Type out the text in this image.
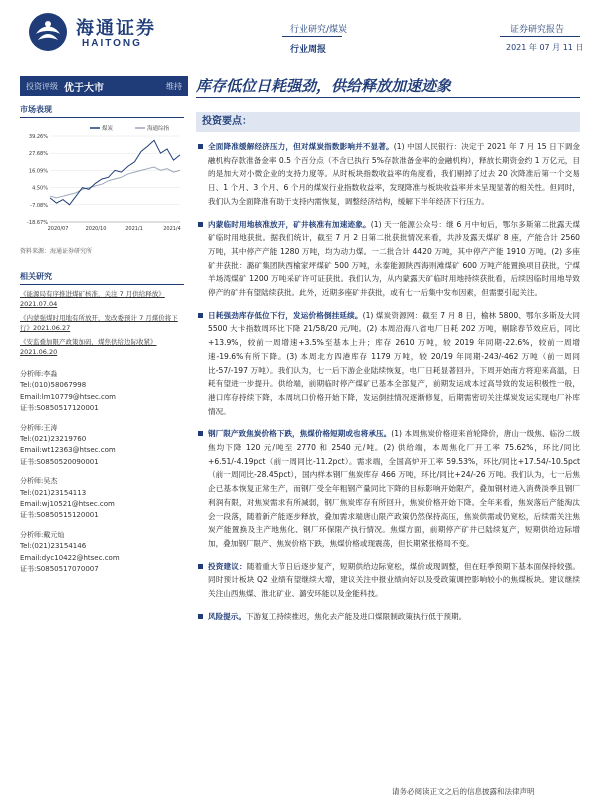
海通证券
HAITONG
行业研究/煤炭
行业周报
证券研究报告
2021 年 07 月 11 日
投资评级 优于大市	维持 库存低位日耗强劲，供给释放加速迹象
市场表现
煤炭	海通综指
39.26%
27.68%
16.09%
4.50%
-7.08%
-18.67%
2020/07	2020/10	2021/1	2021/4
资料来源：海通证券研究所
相关研究
《能源局有序推进煤矿核准，关注 7 月供给释放》2021.07.04
《内蒙强煤时用地有所放开，发改委预计 7 月煤价将下行》2021.06.27
《安监叠加限产政策加码，煤焦供给边际收紧》2021.06.20
分析师:李淼
Tel:(010)58067998
Email:lm10779@htsec.com
证书:S0850517120001
分析师:王涛
Tel:(021)23219760
Email:wt12363@htsec.com
证书:S0850520090001
分析师:吴杰
Tel:(021)23154113
Email:wj10521@htsec.com
证书:S0850515120001
分析师:戴元灿
Tel:(021)23154146
Email:dyc10422@htsec.com
证书:S0850517070007
投资要点：
全面降准缓解经济压力，但对煤炭指数影响并不显著。(1) 中国人民银行：决定于 2021 年 7 月 15 日下调金融机构存款准备金率 0.5 个百分点（不含已执行 5%存款准备金率的金融机构），释放长期资金约 1 万亿元，目的是加大对小微企业的支持力度等。从时板块指数收益率的角度看，我们剔掉了过去 20 次降准后第一个交易日、1 个月、3 个月、6 个月的煤炭行业指数收益率，发现降准与板块收益率并未呈现显著的相关性。但同时，我们认为全面降准有助于支持内需恢复，调整经济结构，缓解下半年经济下行压力。
内蒙临时用地核准放开，矿井核准有加速迹象。(1) 天一能源公众号：继 6 月中旬后，鄂尔多斯第二批露天煤矿临时用地获批。据我们统计，截至 7 月 2 日第二批获批情况来看，共涉及露天煤矿 8 座，产能合计 2560 万吨，其中停产产能 1280 万吨，均为动力煤。一二批合计 4420 万吨，其中停产产能 1910 万吨。(2) 多座矿井获批：潞矿集团陕西榆家坪煤矿 500 万吨，永泰能源陕西海则滩煤矿 600 万吨产能置换项目获批，宁煤羊场湾煤矿 1200 万吨采矿许可证获批。我们认为，从内蒙露天矿临时用地持续获批看，后续因临时用地导致停产的矿井有望陆续获批。此外，近期多座矿井获批，或有七一后集中发布因素，但需要引起关注。
日耗强劲库存低位下行，发运价格倒挂延续。(1) 煤炭资源网：截至 7 月 8 日，榆林 5800、鄂尔多斯及大同 5500 大卡指数周环比下降 21/58/20 元/吨。(2) 本周沿海八省电厂日耗 202 万吨，剔除春节效应后，同比+13.9%，较前一周增速+3.5%至基本上升；库存 2610 万吨，较 2019 年同期-22.6%，较前一周增速-19.6%有所下降。(3) 本周北方四港库存 1179 万吨，较 20/19 年同期-243/-462 万吨（前一周同比-57/-197 万吨）。我们认为，七一后下游企业陆续恢复，电厂日耗显著回升，下周开始南方将迎来高温，日耗有望进一步提升。供给端，前期临时停产煤矿已基本全部复产，前期发运成本过高导致的发运积极性一般，港口库存持续下降，本周坑口价格开始下降，发运倒挂情况逐渐修复，后期需密切关注煤炭发运实现电厂补库情况。
钢厂限产致焦炭价格下跌，焦煤价格短期或也将承压。(1) 本周焦炭价格迎来首轮降价，唐山一级焦、临汾二级焦均下降 120 元/吨至 2770 和 2540 元/吨。(2) 供给端，本周焦化厂开工率 75.62%，环比/同比+6.51/-4.19pct（前一周同比-11.2pct）。需求端，全国高炉开工率 59.53%，环比/同比+17.54/-10.5pct（前一周同比-28.45pct），国内样本钢厂焦炭库存 466 万吨，环比/同比+24/-26 万吨。我们认为，七一后焦企已基本恢复正常生产，而钢厂受全年粗钢产量同比下降的目标影响开始限产，叠加钢材进入消费淡季且钢厂利润有限，对焦炭需求有所减弱，钢厂焦炭库存有所回升，焦炭价格开始下降。全年来看，焦炭落后产能淘汰会一段落，随着新产能逐步释放，叠加需求端唐山限产政策仍然保持高压，焦炭供需或仍宽松，后续需关注焦炭产能置换及主产地焦化、钢厂环保限产执行情况。焦煤方面，前期停产矿井已陆续复产，短期供给边际增加，叠加钢厂限产、焦炭价格下跌，焦煤价格或现震荡，但长期紧张格局不变。
投资建议：随着重大节日后逐步复产，短期供给边际宽松，煤价或现调整，但在旺季预期下基本面保持较强。同时预计板块 Q2 业绩有望继续大增，建议关注中报业绩向好以及受政策调控影响较小的焦煤板块。建议继续关注山西焦煤、淮北矿业、潞安环能以及金能科技。
风险提示。下游复工持续推迟，焦化去产能及进口煤限制政策执行低于预期。
请务必阅读正文之后的信息披露和法律声明
